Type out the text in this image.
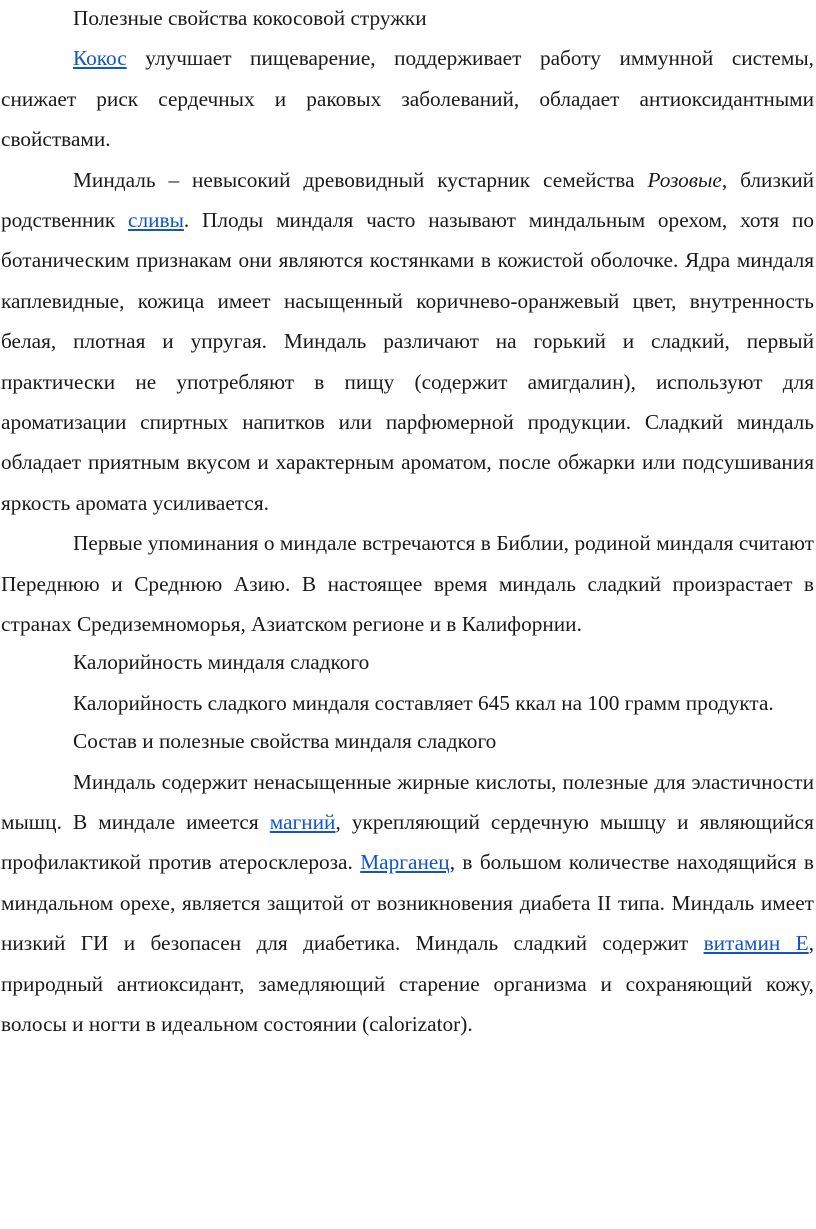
Полезные свойства кокосовой стружки

Кокос улучшает пищеварение, поддерживает работу иммунной системы, снижает риск сердечных и раковых заболеваний, обладает антиоксидантными свойствами.

Миндаль – невысокий древовидный кустарник семейства Розовые, близкий родственник сливы. Плоды миндаля часто называют миндальным орехом, хотя по ботаническим признакам они являются костянками в кожистой оболочке. Ядра миндаля каплевидные, кожица имеет насыщенный коричнево-оранжевый цвет, внутренность белая, плотная и упругая. Миндаль различают на горький и сладкий, первый практически не употребляют в пищу (содержит амигдалин), используют для ароматизации спиртных напитков или парфюмерной продукции. Сладкий миндаль обладает приятным вкусом и характерным ароматом, после обжарки или подсушивания яркость аромата усиливается.

Первые упоминания о миндале встречаются в Библии, родиной миндаля считают Переднюю и Среднюю Азию. В настоящее время миндаль сладкий произрастает в странах Средиземноморья, Азиатском регионе и в Калифорнии.

Калорийность миндаля сладкого

Калорийность сладкого миндаля составляет 645 ккал на 100 грамм продукта.

Состав и полезные свойства миндаля сладкого

Миндаль содержит ненасыщенные жирные кислоты, полезные для эластичности мышц. В миндале имеется магний, укрепляющий сердечную мышцу и являющийся профилактикой против атеросклероза. Марганец, в большом количестве находящийся в миндальном орехе, является защитой от возникновения диабета II типа. Миндаль имеет низкий ГИ и безопасен для диабетика. Миндаль сладкий содержит витамин Е, природный антиоксидант, замедляющий старение организма и сохраняющий кожу, волосы и ногти в идеальном состоянии (calorizator).
